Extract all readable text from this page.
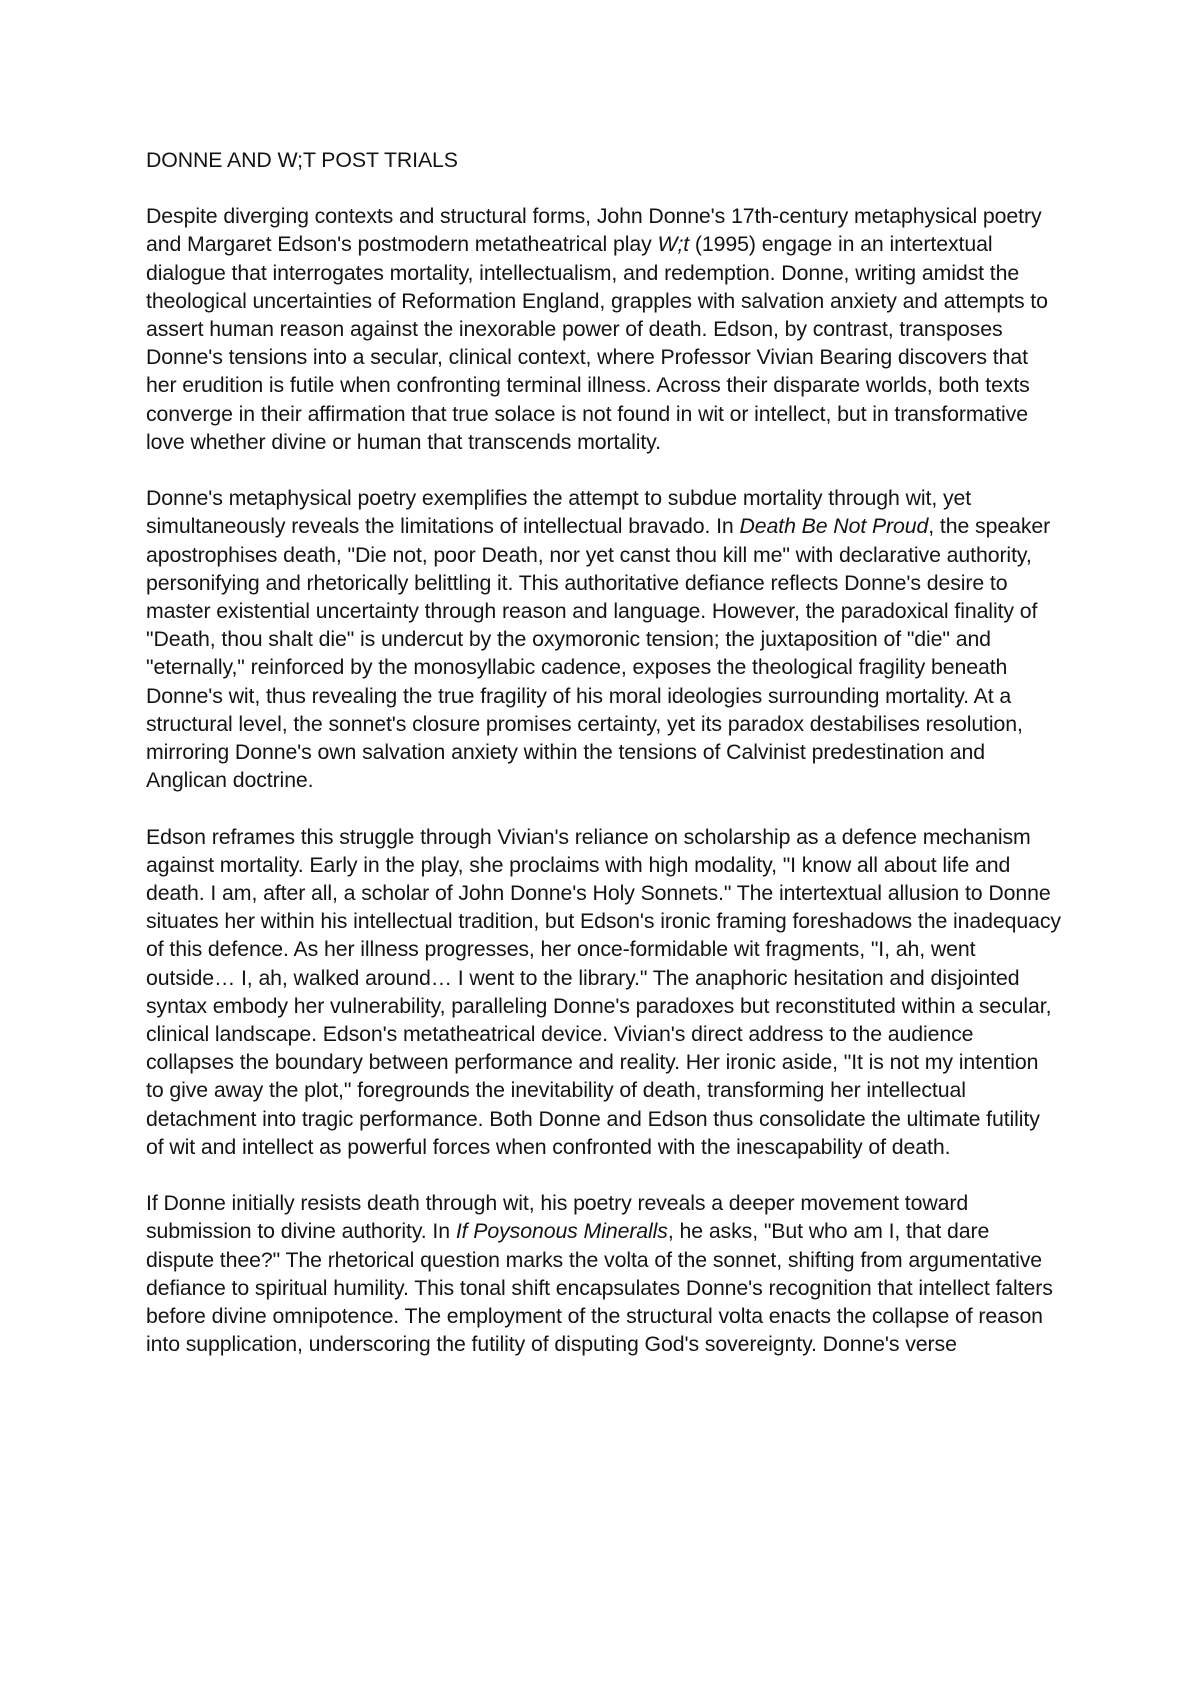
DONNE AND W;T POST TRIALS

Despite diverging contexts and structural forms, John Donne's 17th-century metaphysical poetry and Margaret Edson's postmodern metatheatrical play W;t (1995) engage in an intertextual dialogue that interrogates mortality, intellectualism, and redemption. Donne, writing amidst the theological uncertainties of Reformation England, grapples with salvation anxiety and attempts to assert human reason against the inexorable power of death. Edson, by contrast, transposes Donne's tensions into a secular, clinical context, where Professor Vivian Bearing discovers that her erudition is futile when confronting terminal illness. Across their disparate worlds, both texts converge in their affirmation that true solace is not found in wit or intellect, but in transformative love whether divine or human that transcends mortality.

Donne's metaphysical poetry exemplifies the attempt to subdue mortality through wit, yet simultaneously reveals the limitations of intellectual bravado. In Death Be Not Proud, the speaker apostrophises death, "Die not, poor Death, nor yet canst thou kill me" with declarative authority, personifying and rhetorically belittling it. This authoritative defiance reflects Donne's desire to master existential uncertainty through reason and language. However, the paradoxical finality of "Death, thou shalt die" is undercut by the oxymoronic tension; the juxtaposition of "die" and "eternally," reinforced by the monosyllabic cadence, exposes the theological fragility beneath Donne's wit, thus revealing the true fragility of his moral ideologies surrounding mortality. At a structural level, the sonnet's closure promises certainty, yet its paradox destabilises resolution, mirroring Donne's own salvation anxiety within the tensions of Calvinist predestination and Anglican doctrine.

Edson reframes this struggle through Vivian's reliance on scholarship as a defence mechanism against mortality. Early in the play, she proclaims with high modality, "I know all about life and death. I am, after all, a scholar of John Donne's Holy Sonnets." The intertextual allusion to Donne situates her within his intellectual tradition, but Edson's ironic framing foreshadows the inadequacy of this defence. As her illness progresses, her once-formidable wit fragments, "I, ah, went outside… I, ah, walked around… I went to the library." The anaphoric hesitation and disjointed syntax embody her vulnerability, paralleling Donne's paradoxes but reconstituted within a secular, clinical landscape. Edson's metatheatrical device. Vivian's direct address to the audience collapses the boundary between performance and reality. Her ironic aside, "It is not my intention to give away the plot," foregrounds the inevitability of death, transforming her intellectual detachment into tragic performance. Both Donne and Edson thus consolidate the ultimate futility of wit and intellect as powerful forces when confronted with the inescapability of death.

If Donne initially resists death through wit, his poetry reveals a deeper movement toward submission to divine authority. In If Poysonous Mineralls, he asks, "But who am I, that dare dispute thee?" The rhetorical question marks the volta of the sonnet, shifting from argumentative defiance to spiritual humility. This tonal shift encapsulates Donne's recognition that intellect falters before divine omnipotence. The employment of the structural volta enacts the collapse of reason into supplication, underscoring the futility of disputing God's sovereignty. Donne's verse
